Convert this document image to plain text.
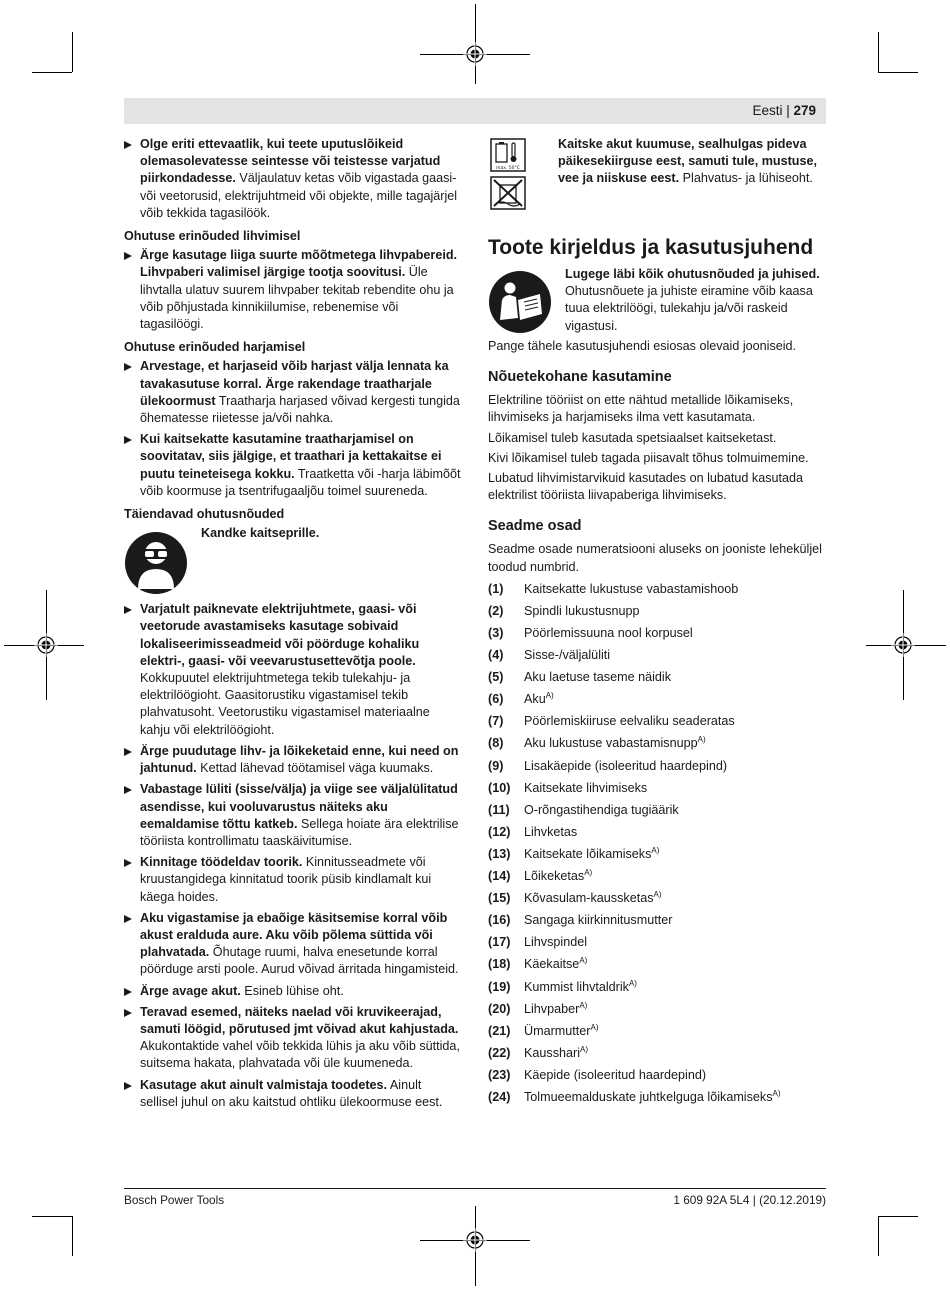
Eesti | 279
Olge eriti ettevaatlik, kui teete uputuslõikeid olemasolevatesse seintesse või teistesse varjatud piirkondadesse. Väljaulatuv ketas võib vigastada gaasi- või veetorusid, elektrijuhtmeid või objekte, mille tagajärjel võib tekkida tagasilöök.

Ohutuse erinõuded lihvimisel

Ärge kasutage liiga suurte mõõtmetega lihvpabereid. Lihvpaberi valimisel järgige tootja soovitusi. Üle lihvtalla ulatuv suurem lihvpaber tekitab rebendite ohu ja võib põhjustada kinnikiilumise, rebenemise või tagasilöögi.

Ohutuse erinõuded harjamisel

Arvestage, et harjaseid võib harjast välja lennata ka tavakasutuse korral. Ärge rakendage traatharjale ülekoormust Traatharja harjased võivad kergesti tungida õhematesse riietesse ja/või nahka.
Kui kaitsekatte kasutamine traatharjamisel on soovitatav, siis jälgige, et traathari ja kettakaitse ei puutu teineteisega kokku. Traatketta või -harja läbimõõt võib koormuse ja tsentrifugaaljõu toimel suureneda.

Täiendavad ohutusnõuded

Kandke kaitseprille.

Varjatult paiknevate elektrijuhtmete, gaasi- või veetorude avastamiseks kasutage sobivaid lokaliseerimisseadmeid või pöörduge kohaliku elektri-, gaasi- või veevarustusettevõtja poole. Kokkupuutel elektrijuhtmetega tekib tulekahju- ja elektrilöögioht. Gaasitorustiku vigastamisel tekib plahvatusoht. Veetorustiku vigastamisel materiaalne kahju või elektrilöögioht.
Ärge puudutage lihv- ja lõikeketaid enne, kui need on jahtunud. Kettad lähevad töötamisel väga kuumaks.
Vabastage lüliti (sisse/välja) ja viige see väljalülitatud asendisse, kui vooluvarustus näiteks aku eemaldamise tõttu katkeb. Sellega hoiate ära elektrilise tööriista kontrollimatu taaskäivitumise.
Kinnitage töödeldav toorik. Kinnitusseadmete või kruustangidega kinnitatud toorik püsib kindlamalt kui käega hoides.
Aku vigastamise ja ebaõige käsitsemise korral võib akust eralduda aure. Aku võib põlema süttida või plahvatada. Õhutage ruumi, halva enesetunde korral pöörduge arsti poole. Aurud võivad ärritada hingamisteid.
Ärge avage akut. Esineb lühise oht.
Teravad esemed, näiteks naelad või kruvikeerajad, samuti löögid, põrutused jmt võivad akut kahjustada. Akukontaktide vahel võib tekkida lühis ja aku võib süttida, suitsema hakata, plahvatada või üle kuumeneda.
Kasutage akut ainult valmistaja toodetes. Ainult sellisel juhul on aku kaitstud ohtliku ülekoormuse eest.
max. 50°C

Kaitske akut kuumuse, sealhulgas pideva päikesekiirguse eest, samuti tule, mustuse, vee ja niiskuse eest. Plahvatus- ja lühiseoht.

Toote kirjeldus ja kasutusjuhend

Lugege läbi kõik ohutusnõuded ja juhised. Ohutusnõuete ja juhiste eiramine võib kaasa tuua elektrilöögi, tulekahju ja/või raskeid vigastusi.

Pange tähele kasutusjuhendi esiosas olevaid jooniseid.

Nõuetekohane kasutamine

Elektriline tööriist on ette nähtud metallide lõikamiseks, lihvimiseks ja harjamiseks ilma vett kasutamata.

Lõikamisel tuleb kasutada spetsiaalset kaitseketast.

Kivi lõikamisel tuleb tagada piisavalt tõhus tolmuimemine.

Lubatud lihvimistarvikuid kasutades on lubatud kasutada elektrilist tööriista liivapaberiga lihvimiseks.

Seadme osad

Seadme osade numeratsiooni aluseks on jooniste leheküljel toodud numbrid.

(1)	Kaitsekatte lukustuse vabastamishoob
(2)	Spindli lukustusnupp
(3)	Pöörlemissuuna nool korpusel
(4)	Sisse-/väljalüliti
(5)	Aku laetuse taseme näidik
(6)	Aku$^{A)}$
(7)	Pöörlemiskiiruse eelvaliku seaderatas
(8)	Aku lukustuse vabastamisnupp$^{A)}$
(9)	Lisakäepide (isoleeritud haardepind)
(10)	Kaitsekate lihvimiseks
(11)	O-rõngastihendiga tugiäärik
(12)	Lihvketas
(13)	Kaitsekate lõikamiseks$^{A)}$
(14)	Lõikeketas$^{A)}$
(15)	Kõvasulam-kaussketas$^{A)}$
(16)	Sangaga kiirkinnitusmutter
(17)	Lihvspindel
(18)	Käekaitse$^{A)}$
(19)	Kummist lihvtaldrik$^{A)}$
(20)	Lihvpaber$^{A)}$
(21)	Ümarmutter$^{A)}$
(22)	Kausshari$^{A)}$
(23)	Käepide (isoleeritud haardepind)
(24)	Tolmueemalduskate juhtkelguga lõikamiseks$^{A)}$
Bosch Power Tools	1 609 92A 5L4 | (20.12.2019)
